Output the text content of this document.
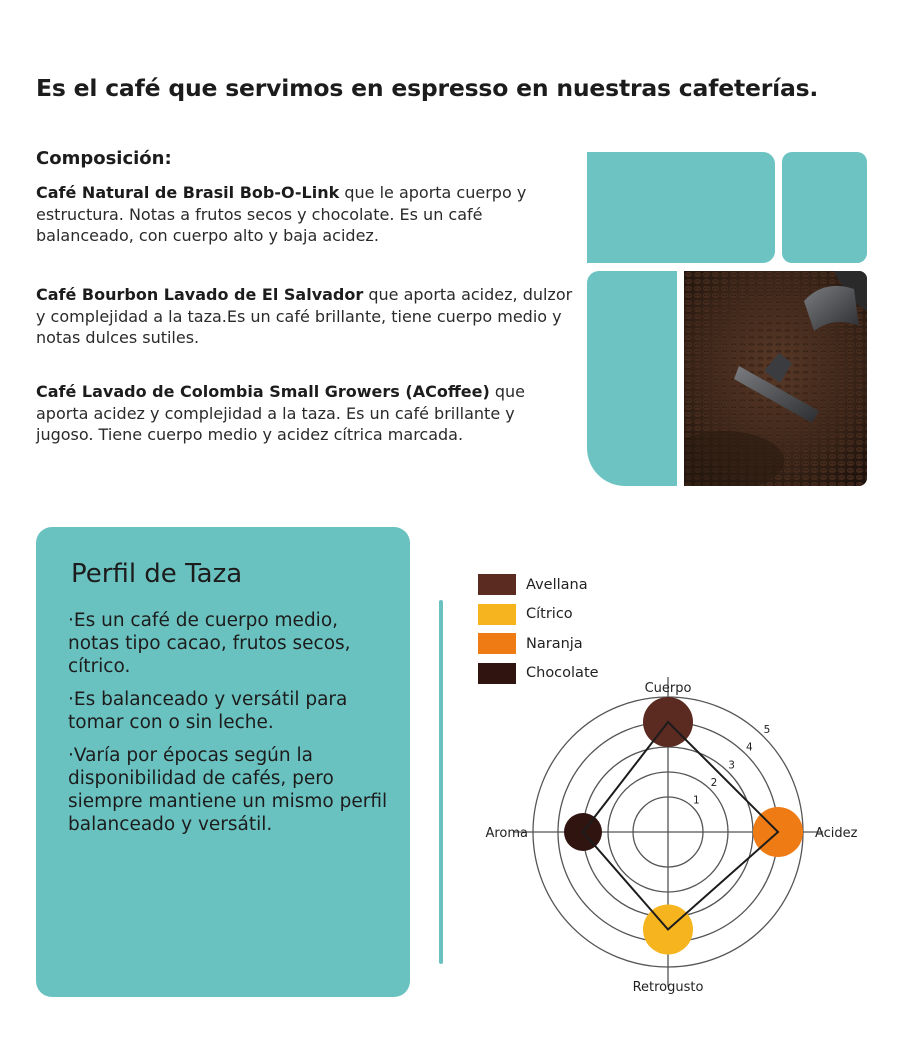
Es el café que servimos en espresso en nuestras cafeterías.
Composición:

Café Natural de Brasil Bob-O-Link que le aporta cuerpo y estructura. Notas a frutos secos y chocolate. Es un café balanceado, con cuerpo alto y baja acidez.

Café Bourbon Lavado de El Salvador que aporta acidez, dulzor y complejidad a la taza.Es un café brillante, tiene cuerpo medio y notas dulces sutiles.

Café Lavado de Colombia Small Growers (ACoffee) que aporta acidez y complejidad a la taza. Es un café brillante y jugoso. Tiene cuerpo medio y acidez cítrica marcada.

Perfil de Taza

·Es un café de cuerpo medio, notas tipo cacao, frutos secos, cítrico.

·Es balanceado y versátil para tomar con o sin leche.

·Varía por épocas según la disponibilidad de cafés, pero siempre mantiene un mismo perfil balanceado y versátil.

Avellana
Cítrico
Naranja
Chocolate
1
2
3
4
5
Cuerpo
Acidez
Retrogusto
Aroma
